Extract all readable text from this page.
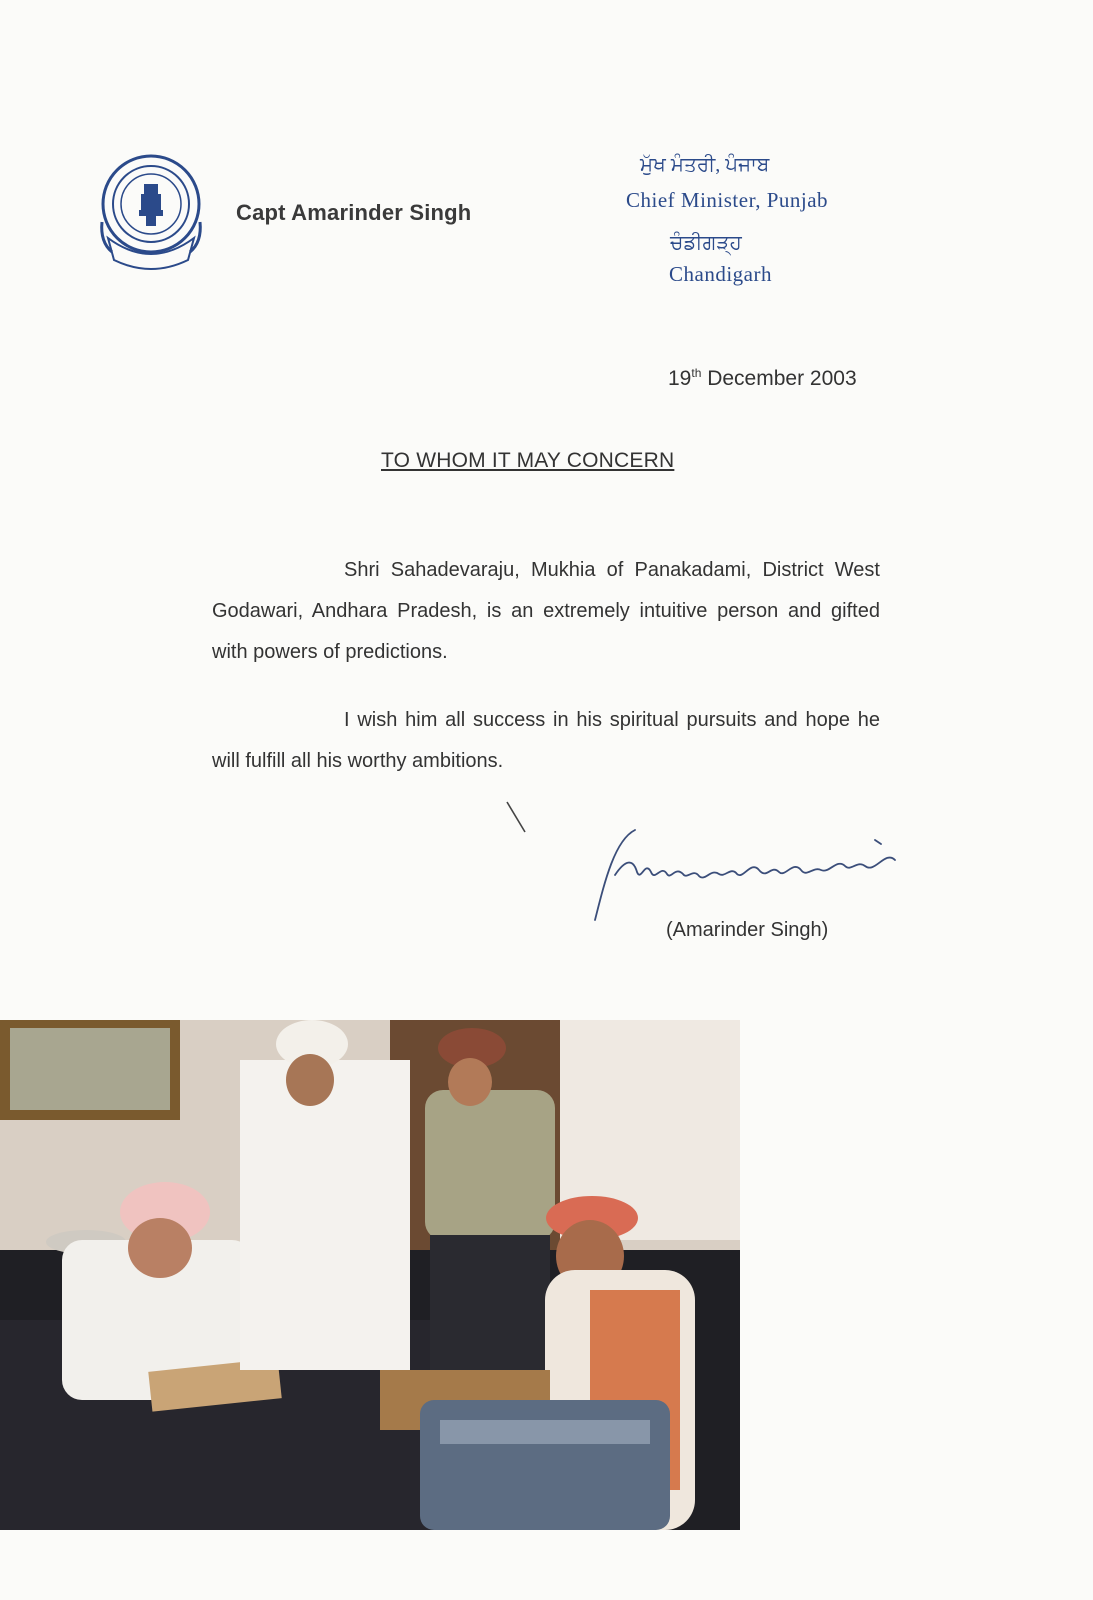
Capt Amarinder Singh
ਮੁੱਖ ਮੰਤਰੀ, ਪੰਜਾਬ
Chief Minister, Punjab
ਚੰਡੀਗੜ੍ਹ
Chandigarh
19th December 2003
TO WHOM IT MAY CONCERN
Shri Sahadevaraju, Mukhia of Panakadami, District West Godawari, Andhara Pradesh, is an extremely intuitive person and gifted with powers of predictions.
I wish him all success in his spiritual pursuits and hope he will fulfill all his worthy ambitions.
(Amarinder Singh)
